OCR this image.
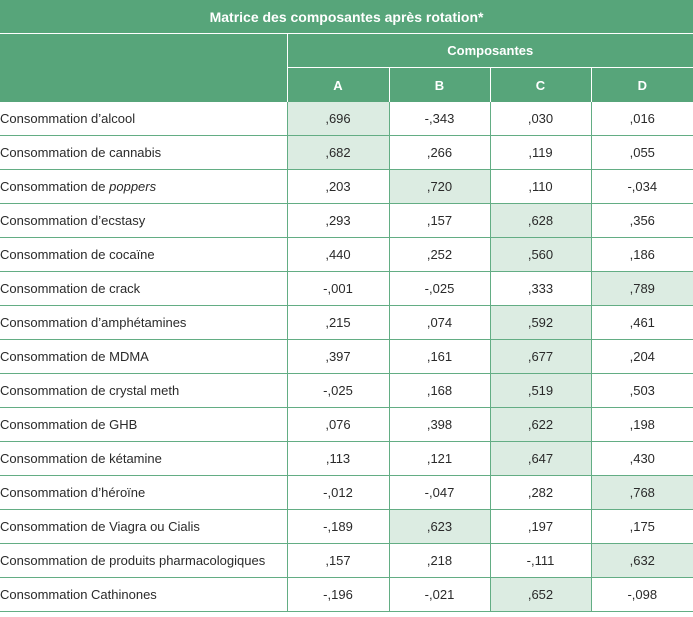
Matrice des composantes après rotation*				
	Composantes			
	A	B	C	D
Consommation d’alcool	,696	-,343	,030	,016
Consommation de cannabis	,682	,266	,119	,055
Consommation de poppers	,203	,720	,110	-,034
Consommation d’ecstasy	,293	,157	,628	,356
Consommation de cocaïne	,440	,252	,560	,186
Consommation de crack	-,001	-,025	,333	,789
Consommation d’amphétamines	,215	,074	,592	,461
Consommation de MDMA	,397	,161	,677	,204
Consommation de crystal meth	-,025	,168	,519	,503
Consommation de GHB	,076	,398	,622	,198
Consommation de kétamine	,113	,121	,647	,430
Consommation d’héroïne	-,012	-,047	,282	,768
Consommation de Viagra ou Cialis	-,189	,623	,197	,175
Consommation de produits pharmacologiques	,157	,218	-,111	,632
Consommation Cathinones	-,196	-,021	,652	-,098
